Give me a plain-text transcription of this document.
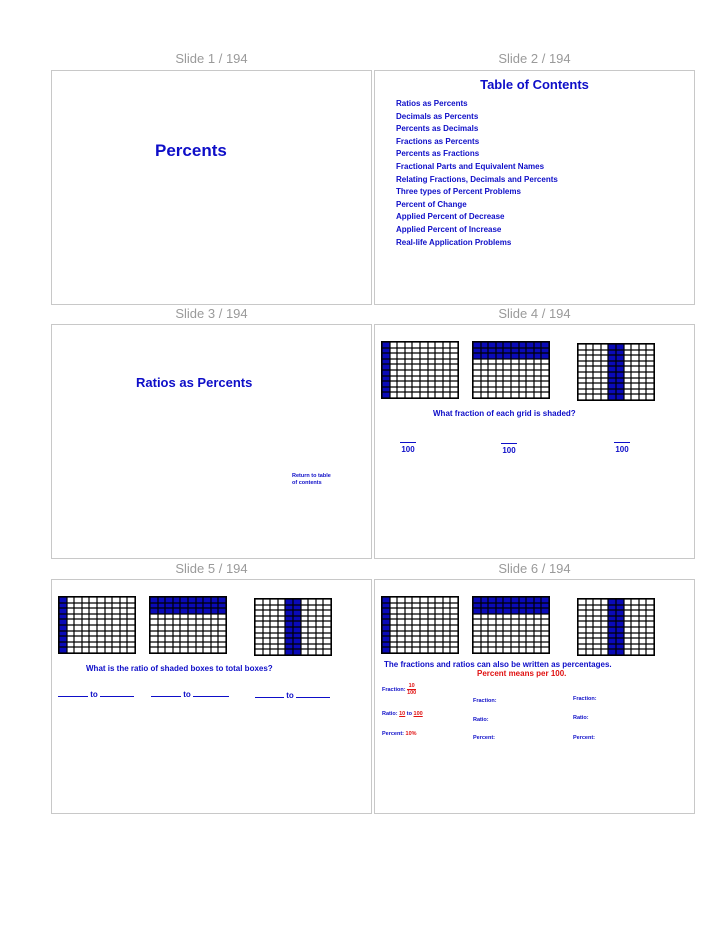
Slide 1 / 194	Slide 2 / 194
Slide 3 / 194	Slide 4 / 194
Slide 5 / 194	Slide 6 / 194
Percents
Table of Contents
Ratios as Percents
Decimals as Percents
Percents as Decimals
Fractions as Percents
Percents as Fractions
Fractional Parts and Equivalent Names
Relating Fractions, Decimals and Percents
Three types of Percent Problems
Percent of Change
Applied Percent of Decrease
Applied Percent of Increase
Real-life Application Problems
Ratios as Percents
Return to table
of contents
What fraction of each grid is shaded?
100	100	100
What is the ratio of shaded boxes to total boxes?
to	to	to
The fractions and ratios can also be written as percentages.
Percent means per 100.
Fraction: $\frac{10}{100}$
Fraction:	Fraction:
Ratio: 10 to 100
Ratio:	Ratio:
Percent: 10%
Percent:	Percent:
